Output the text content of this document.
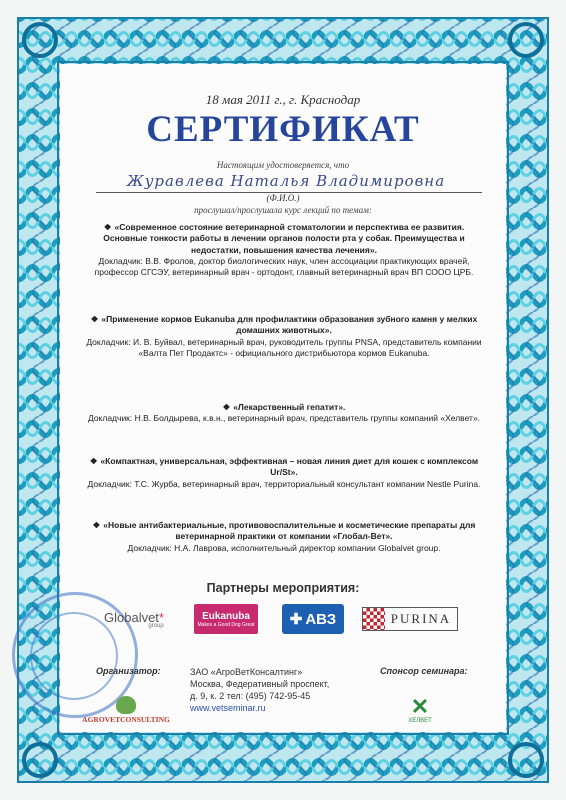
18 мая 2011 г., г. Краснодар
СЕРТИФИКАТ
Настоящим удостоверяется, что
Журавлева Наталья Владимировна
(Ф.И.О.)
прослушал/прослушала курс лекций по темам:
❖ «Современное состояние ветеринарной стоматологии и перспектива ее развития. Основные тонкости работы в лечении органов полости рта у собак. Преимущества и недостатки, повышения качества лечения».
Докладчик: В.В. Фролов, доктор биологических наук, член ассоциации практикующих врачей, профессор СГСЭУ, ветеринарный врач - ортодонт, главный ветеринарный врач ВП СООО ЦРБ.
❖ «Применение кормов Eukanuba для профилактики образования зубного камня у мелких домашних животных».
Докладчик: И. В. Буйвал, ветеринарный врач, руководитель группы PNSA, представитель компании «Валта Пет Продактс» - официального дистрибьютора кормов Eukanuba.
❖ «Лекарственный гепатит».
Докладчик: Н.В. Болдырева, к.в.н., ветеринарный врач, представитель группы компаний «Хелвет».
❖ «Компактная, универсальная, эффективная – новая линия диет для кошек с комплексом Ur/St».
Докладчик: Т.С. Журба, ветеринарный врач, территориальный консультант компании Nestle Purina.
❖ «Новые антибактериальные, противовоспалительные и косметические препараты для ветеринарной практики от компании «Глобал-Вет».
Докладчик: Н.А. Лаврова, исполнительный директор компании Globalvet group.
Партнеры мероприятия:
Globalvet*
group
Eukanuba
Makes a Good Dog Great ✚ АВЗ	PURINA
Организатор:	ЗАО «АгроВетКонсалтинг»
Москва, Федеративный проспект,
д. 9, к. 2 тел: (495) 742-95-45
www.vetseminar.ru
Спонсор семинара:
AGROVETCONSULTING
✕
ХЕЛВЕТ
